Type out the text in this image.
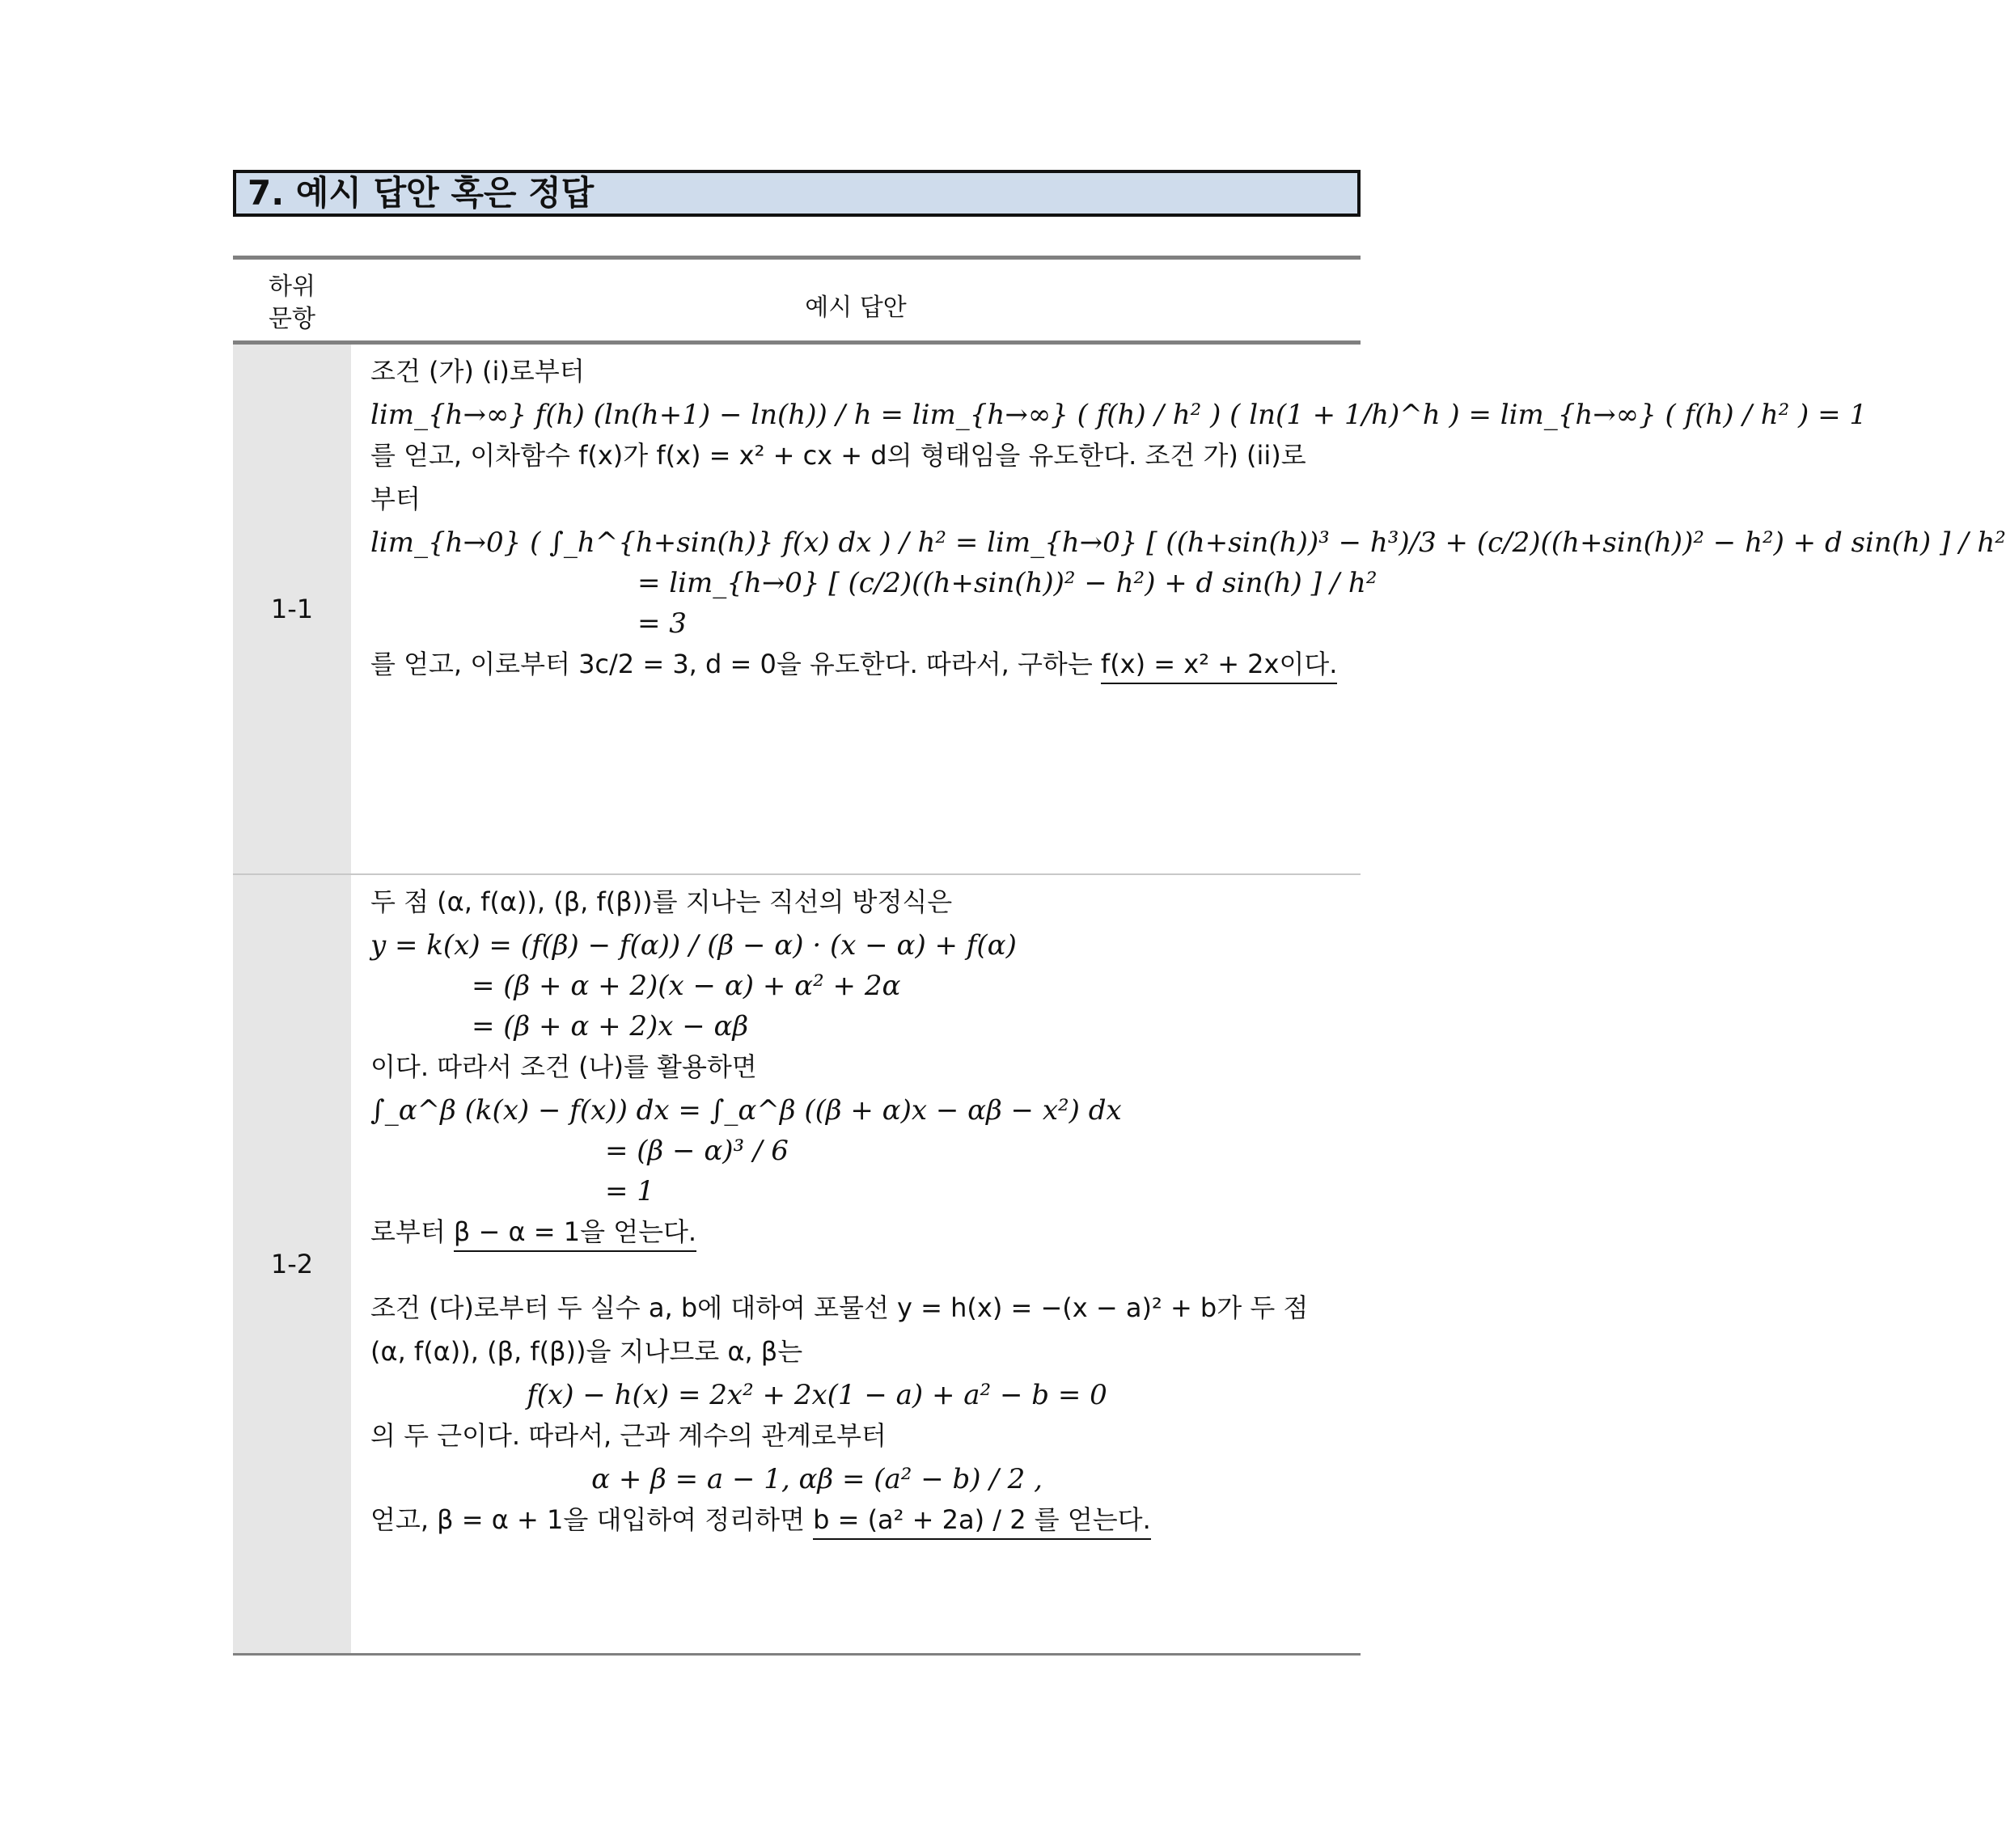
7. 예시 답안 혹은 정답
하위
문항	예시 답안
1-1

조건 (가) (i)로부터

lim_{h→∞} f(h) (ln(h+1) − ln(h)) / h = lim_{h→∞} ( f(h) / h² ) ( ln(1 + 1/h)^h ) = lim_{h→∞} ( f(h) / h² ) = 1

를 얻고, 이차함수 f(x)가 f(x) = x² + cx + d의 형태임을 유도한다. 조건 가) (ii)로

부터

lim_{h→0} ( ∫_h^{h+sin(h)} f(x) dx ) / h² = lim_{h→0} [ ((h+sin(h))³ − h³)/3 + (c/2)((h+sin(h))² − h²) + d sin(h) ] / h²

= lim_{h→0} [ (c/2)((h+sin(h))² − h²) + d sin(h) ] / h²

= 3

를 얻고, 이로부터 3c/2 = 3, d = 0을 유도한다. 따라서, 구하는 f(x) = x² + 2x이다.

1-2

두 점 (α, f(α)), (β, f(β))를 지나는 직선의 방정식은

y = k(x) = (f(β) − f(α)) / (β − α) · (x − α) + f(α)

= (β + α + 2)(x − α) + α² + 2α

= (β + α + 2)x − αβ

이다. 따라서 조건 (나)를 활용하면

∫_α^β (k(x) − f(x)) dx = ∫_α^β ((β + α)x − αβ − x²) dx

= (β − α)³ / 6

= 1

로부터 β − α = 1을 얻는다.

조건 (다)로부터 두 실수 a, b에 대하여 포물선 y = h(x) = −(x − a)² + b가 두 점

(α, f(α)), (β, f(β))을 지나므로 α, β는

f(x) − h(x) = 2x² + 2x(1 − a) + a² − b = 0

의 두 근이다. 따라서, 근과 계수의 관계로부터

α + β = a − 1, αβ = (a² − b) / 2 ,

얻고, β = α + 1을 대입하여 정리하면 b = (a² + 2a) / 2 를 얻는다.
